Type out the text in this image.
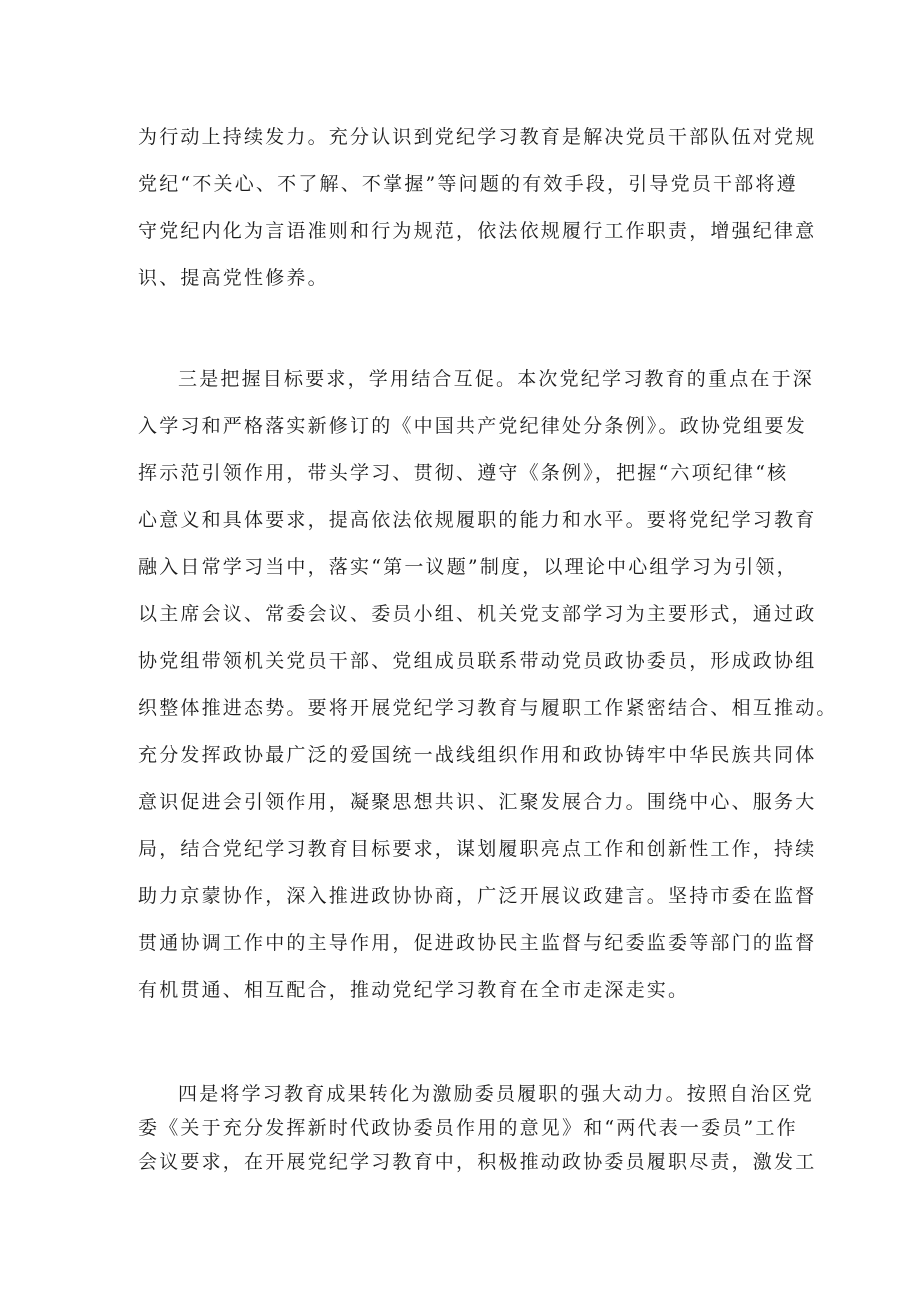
为行动上持续发力。充分认识到党纪学习教育是解决党员干部队伍对党规
党纪“不关心、不了解、不掌握”等问题的有效手段，引导党员干部将遵
守党纪内化为言语准则和行为规范，依法依规履行工作职责，增强纪律意
识、提高党性修养。
三是把握目标要求，学用结合互促。本次党纪学习教育的重点在于深
入学习和严格落实新修订的《中国共产党纪律处分条例》。政协党组要发
挥示范引领作用，带头学习、贯彻、遵守《条例》，把握“六项纪律“核
心意义和具体要求，提高依法依规履职的能力和水平。要将党纪学习教育
融入日常学习当中，落实“第一议题”制度，以理论中心组学习为引领，
以主席会议、常委会议、委员小组、机关党支部学习为主要形式，通过政
协党组带领机关党员干部、党组成员联系带动党员政协委员，形成政协组
织整体推进态势。要将开展党纪学习教育与履职工作紧密结合、相互推动。
充分发挥政协最广泛的爱国统一战线组织作用和政协铸牢中华民族共同体
意识促进会引领作用，凝聚思想共识、汇聚发展合力。围绕中心、服务大
局，结合党纪学习教育目标要求，谋划履职亮点工作和创新性工作，持续
助力京蒙协作，深入推进政协协商，广泛开展议政建言。坚持市委在监督
贯通协调工作中的主导作用，促进政协民主监督与纪委监委等部门的监督
有机贯通、相互配合，推动党纪学习教育在全市走深走实。
四是将学习教育成果转化为激励委员履职的强大动力。按照自治区党
委《关于充分发挥新时代政协委员作用的意见》和“两代表一委员”工作
会议要求，在开展党纪学习教育中，积极推动政协委员履职尽责，激发工
